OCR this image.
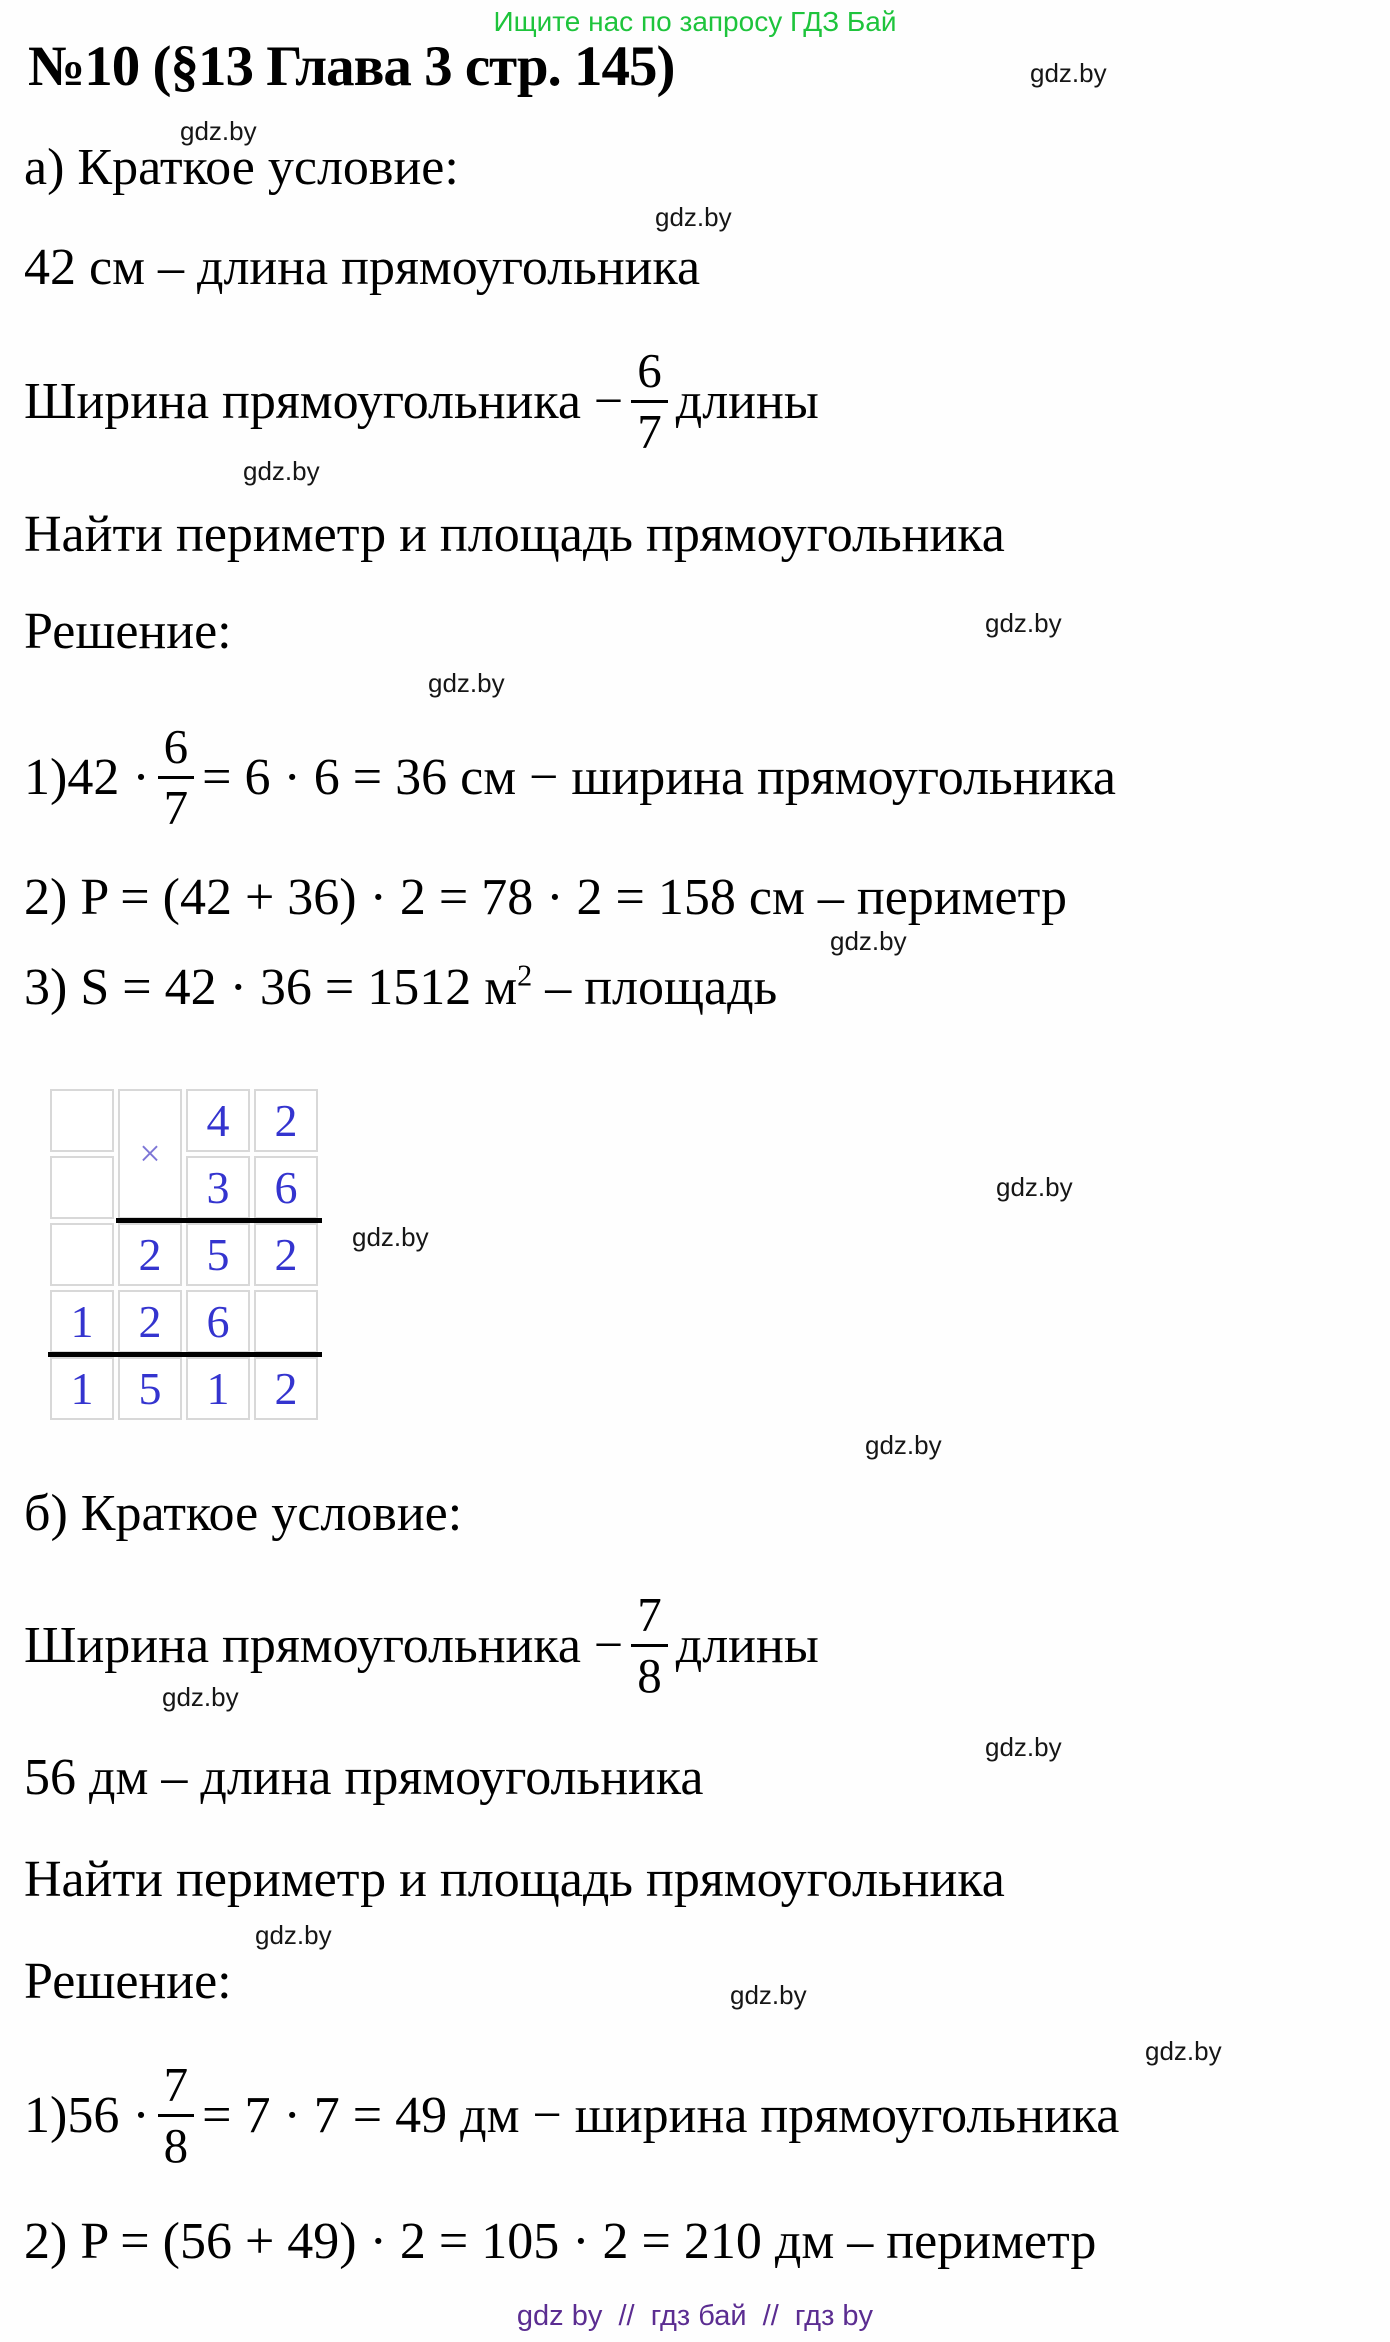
Ищите нас по запросу ГДЗ Бай
№10 (§13 Глава 3 стр. 145)	gdz.by
gdz.by
gdz.by
gdz.by
gdz.by
gdz.by
gdz.by
gdz.by
gdz.by
gdz.by
gdz.by
gdz.by
gdz.by
gdz.by
gdz.by
а) Краткое условие:
42 см – длина прямоугольника
Ширина прямоугольника − $\frac{6}{7}$ длины
Найти периметр и площадь прямоугольника
Решение:
$1)42 \cdot \frac{6}{7} = 6 \cdot 6 = 36$ см − ширина прямоугольника
2) P = (42 + 36) · 2 = 78 · 2 = 158 см – периметр
3) S = 42 · 36 = 1512 $м^2$ – площадь
	×	4	2
		3	6
	2	5	2
1	2	6	
1	5	1	2
б) Краткое условие:
Ширина прямоугольника − $\frac{7}{8}$ длины
56 дм – длина прямоугольника
Найти периметр и площадь прямоугольника
Решение:
$1)56 \cdot \frac{7}{8} = 7 \cdot 7 = 49$ дм − ширина прямоугольника
2) P = (56 + 49) · 2 = 105 · 2 = 210 дм – периметр
gdz by  //  гдз бай  //  гдз by
